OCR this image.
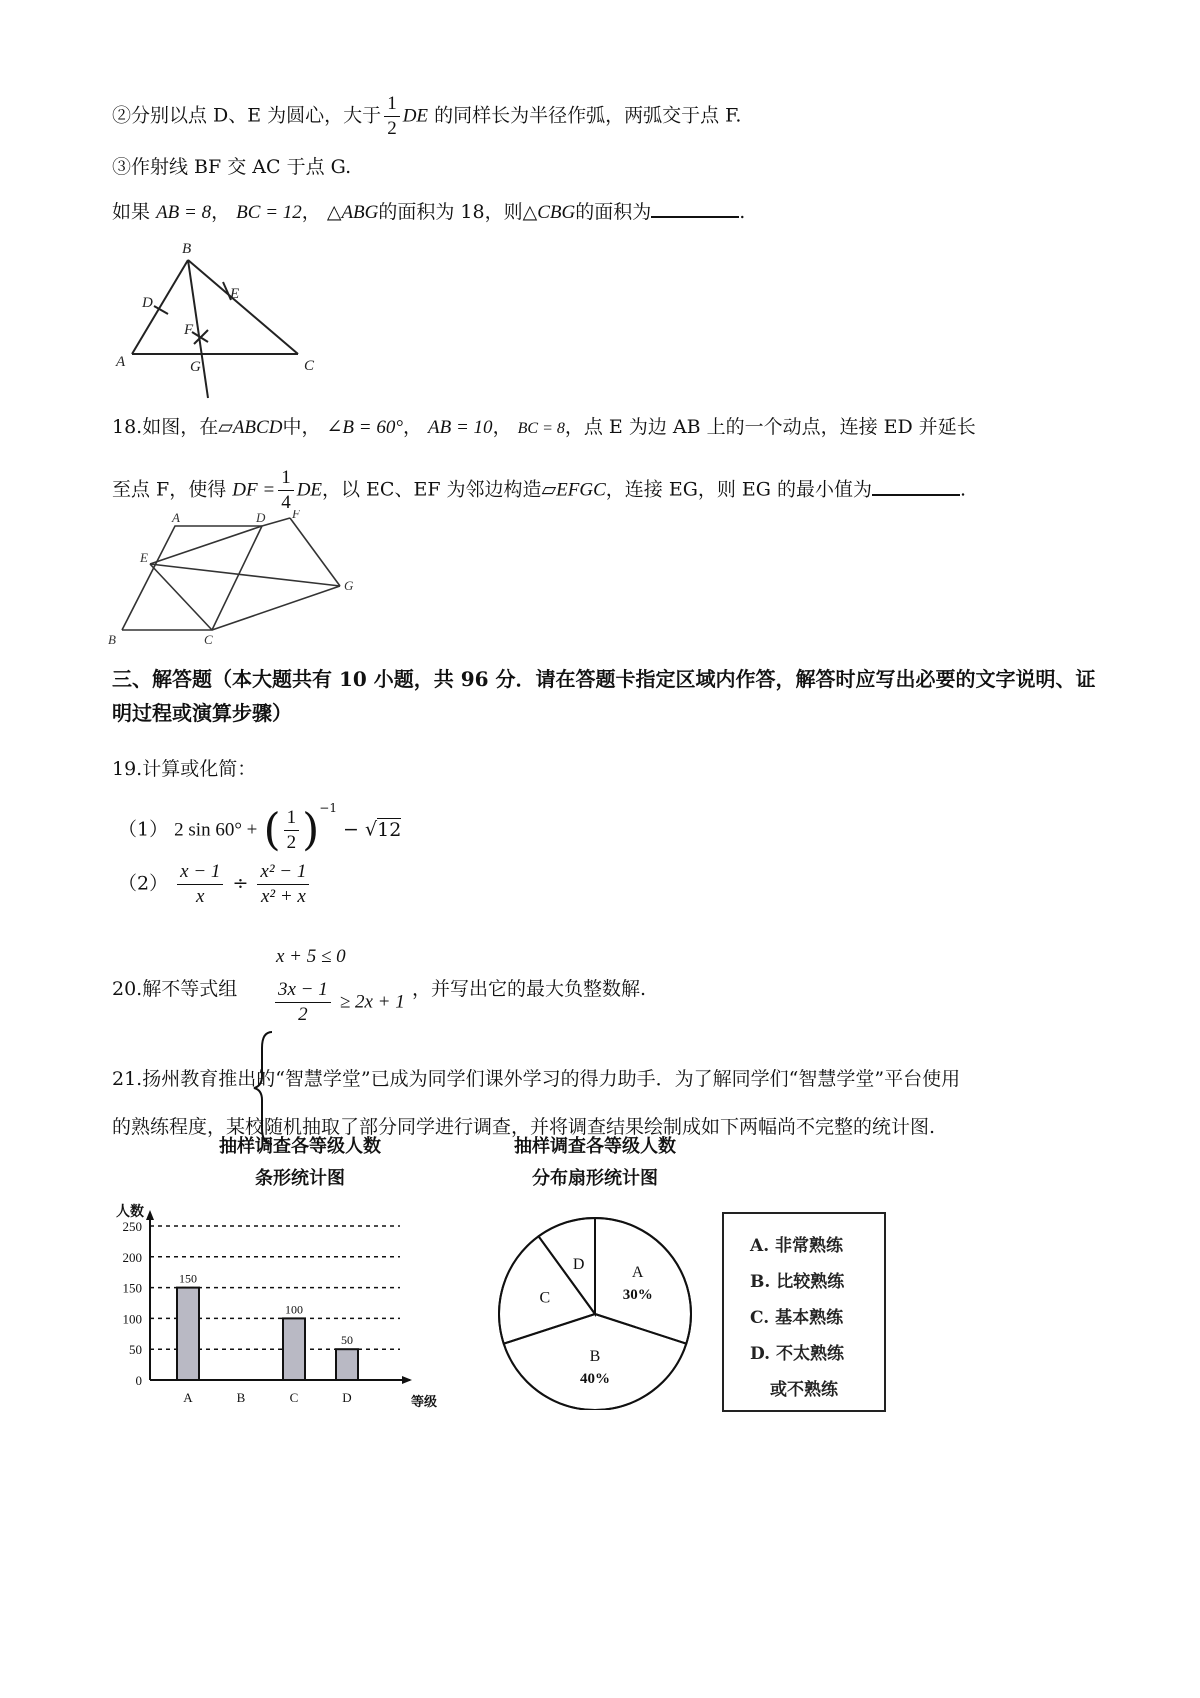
②分别以点 D、E 为圆心，大于 $\frac{1}{2}$ DE 的同样长为半径作弧，两弧交于点 F.
③作射线 BF 交 AC 于点 G.
如果 AB = 8， BC = 12， △ABG的面积为 18，则△CBG的面积为	.
B
D
E
F
A	G	C
18.如图，在▱ABCD中， ∠B = 60°， AB = 10， BC = 8，点 E 为边 AB 上的一个动点，连接 ED 并延长
至点 F，使得 DF = $\frac{1}{4}$ DE，以 EC、EF 为邻边构造▱EFGC，连接 EG，则 EG 的最小值为	.
A	D F
E
G
B	C
三、解答题（本大题共有 10 小题，共 96 分．请在答题卡指定区域内作答，解答时应写出必要的文字说明、证明过程或演算步骤）
19.计算或化简：
（1） 2 sin 60° + ( $\frac{1}{2} )^{-1} - √12$
$(2) \frac{x - 1}{x} \div \frac{\text{x² − 1}}{\text{x² + x}}$
20.解不等式组
x + 5 ≤ 0
$\frac{3x - 1}{2} \ge 2x + 1$
，并写出它的最大负整数解.
21.扬州教育推出的“智慧学堂”已成为同学们课外学习的得力助手．为了解同学们“智慧学堂”平台使用
的熟练程度，某校随机抽取了部分同学进行调查，并将调查结果绘制成如下两幅尚不完整的统计图.
抽样调查各等级人数
条形统计图
人数
0
50
100
150
200
250
A
150
B	C
100
D
50
等级
抽样调查各等级人数
分布扇形统计图
A
30%
B
40%
C
D
A. 非常熟练
B. 比较熟练
C. 基本熟练
D. 不太熟练
或不熟练
